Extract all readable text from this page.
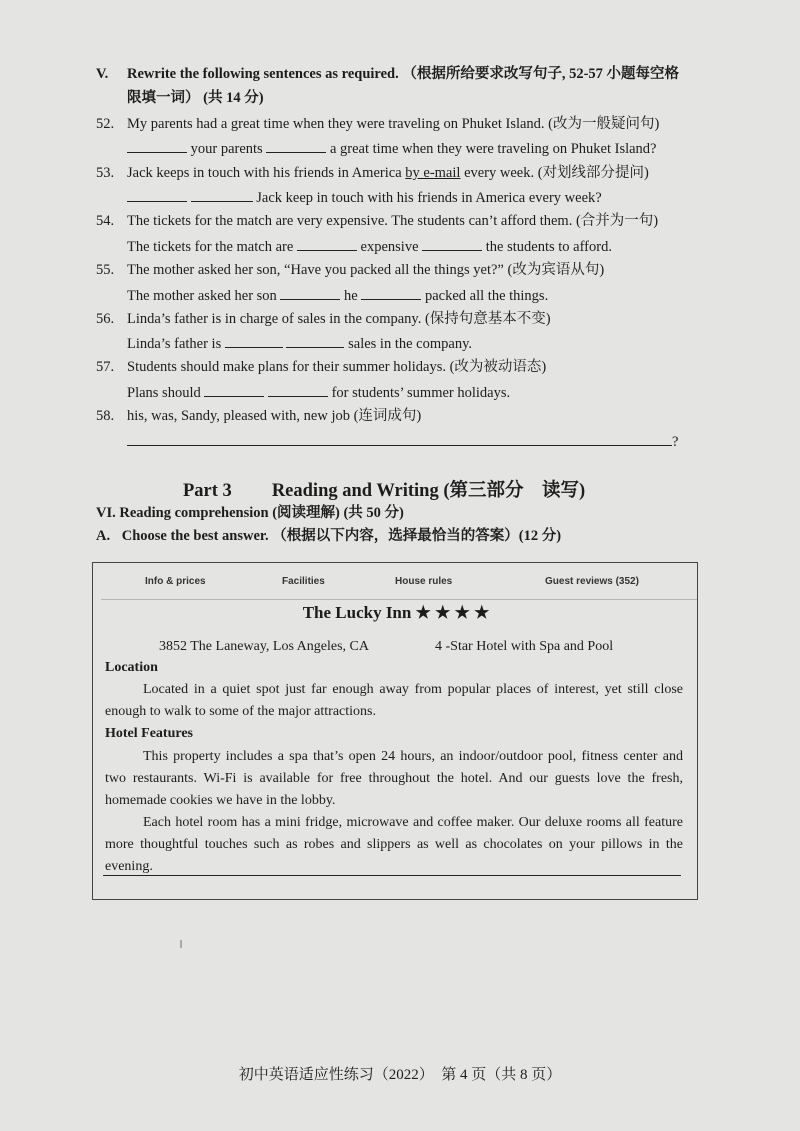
V. Rewrite the following sentences as required. （根据所给要求改写句子, 52-57 小题每空格
限填一词） (共 14 分)
52. My parents had a great time when they were traveling on Phuket Island. (改为一般疑问句)
your parents	a great time when they were traveling on Phuket Island?
53. Jack keeps in touch with his friends in America by e-mail every week. (对划线部分提问)
Jack keep in touch with his friends in America every week?
54. The tickets for the match are very expensive. The students can’t afford them. (合并为一句)
The tickets for the match are	expensive	the students to afford.
55. The mother asked her son, “Have you packed all the things yet?” (改为宾语从句)
The mother asked her son	he	packed all the things.
56. Linda’s father is in charge of sales in the company. (保持句意基本不变)
Linda’s father is	sales in the company.
57. Students should make plans for their summer holidays. (改为被动语态)
Plans should	for students’ summer holidays.
58. his, was, Sandy, pleased with, new job (连词成句)
?
Part 3 Reading and Writing (第三部分　读写)
VI. Reading comprehension (阅读理解) (共 50 分)
A. Choose the best answer. （根据以下内容，选择最恰当的答案）(12 分)
Info & prices	Facilities	House rules	Guest reviews (352)
The Lucky Inn ★ ★ ★ ★
3852 The Laneway, Los Angeles, CA	4 -Star Hotel with Spa and Pool
Location

Located in a quiet spot just far enough away from popular places of interest, yet still close enough to walk to some of the major attractions.

Hotel Features

This property includes a spa that’s open 24 hours, an indoor/outdoor pool, fitness center and two restaurants. Wi-Fi is available for free throughout the hotel. And our guests love the fresh, homemade cookies we have in the lobby.

Each hotel room has a mini fridge, microwave and coffee maker. Our deluxe rooms all feature more thoughtful touches such as robes and slippers as well as chocolates on your pillows in the evening.

初中英语适应性练习（2022）　第 4 页（共 8 页）
